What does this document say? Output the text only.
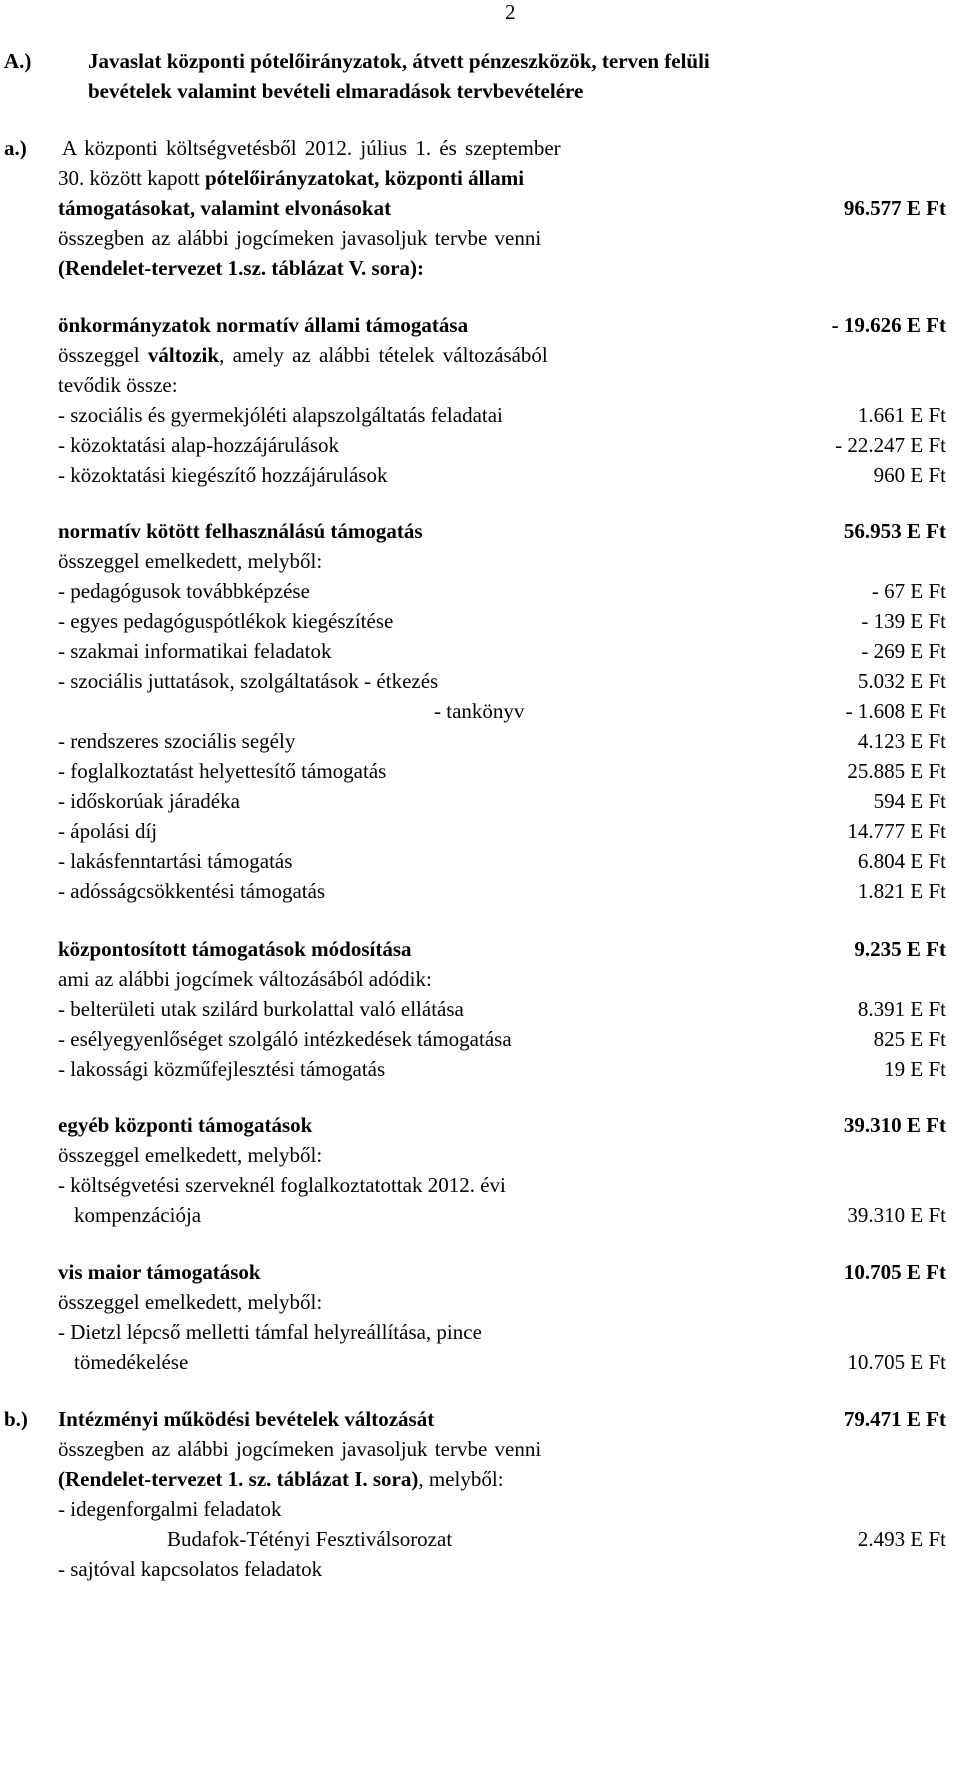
2
A.)	Javaslat központi pótelőirányzatok, átvett pénzeszközök, terven felüli
bevételek valamint bevételi elmaradások tervbevételére
a.) A központi költségvetésből 2012. július 1. és szeptember
30. között kapott pótelőirányzatokat, központi állami
támogatásokat, valamint elvonásokat	96.577 E Ft
összegben az alábbi jogcímeken javasoljuk tervbe venni
(Rendelet-tervezet 1.sz. táblázat V. sora):
önkormányzatok normatív állami támogatása	- 19.626 E Ft
összeggel változik, amely az alábbi tételek változásából
tevődik össze:
- szociális és gyermekjóléti alapszolgáltatás feladatai	1.661 E Ft
- közoktatási alap-hozzájárulások	- 22.247 E Ft
- közoktatási kiegészítő hozzájárulások	960 E Ft
normatív kötött felhasználású támogatás	56.953 E Ft
összeggel emelkedett, melyből:
- pedagógusok továbbképzése	- 67 E Ft
- egyes pedagóguspótlékok kiegészítése	- 139 E Ft
- szakmai informatikai feladatok	- 269 E Ft
- szociális juttatások, szolgáltatások - étkezés	5.032 E Ft
- tankönyv	- 1.608 E Ft
- rendszeres szociális segély	4.123 E Ft
- foglalkoztatást helyettesítő támogatás	25.885 E Ft
- időskorúak járadéka	594 E Ft
- ápolási díj	14.777 E Ft
- lakásfenntartási támogatás	6.804 E Ft
- adósságcsökkentési támogatás	1.821 E Ft
központosított támogatások módosítása	9.235 E Ft
ami az alábbi jogcímek változásából adódik:
- belterületi utak szilárd burkolattal való ellátása	8.391 E Ft
- esélyegyenlőséget szolgáló intézkedések támogatása	825 E Ft
- lakossági közműfejlesztési támogatás	19 E Ft
egyéb központi támogatások	39.310 E Ft
összeggel emelkedett, melyből:
- költségvetési szerveknél foglalkoztatottak 2012. évi
kompenzációja	39.310 E Ft
vis maior támogatások	10.705 E Ft
összeggel emelkedett, melyből:
- Dietzl lépcső melletti támfal helyreállítása, pince
tömedékelése	10.705 E Ft
b.) Intézményi működési bevételek változását	79.471 E Ft
összegben az alábbi jogcímeken javasoljuk tervbe venni
(Rendelet-tervezet 1. sz. táblázat I. sora), melyből:
- idegenforgalmi feladatok
Budafok-Tétényi Fesztiválsorozat	2.493 E Ft
- sajtóval kapcsolatos feladatok
